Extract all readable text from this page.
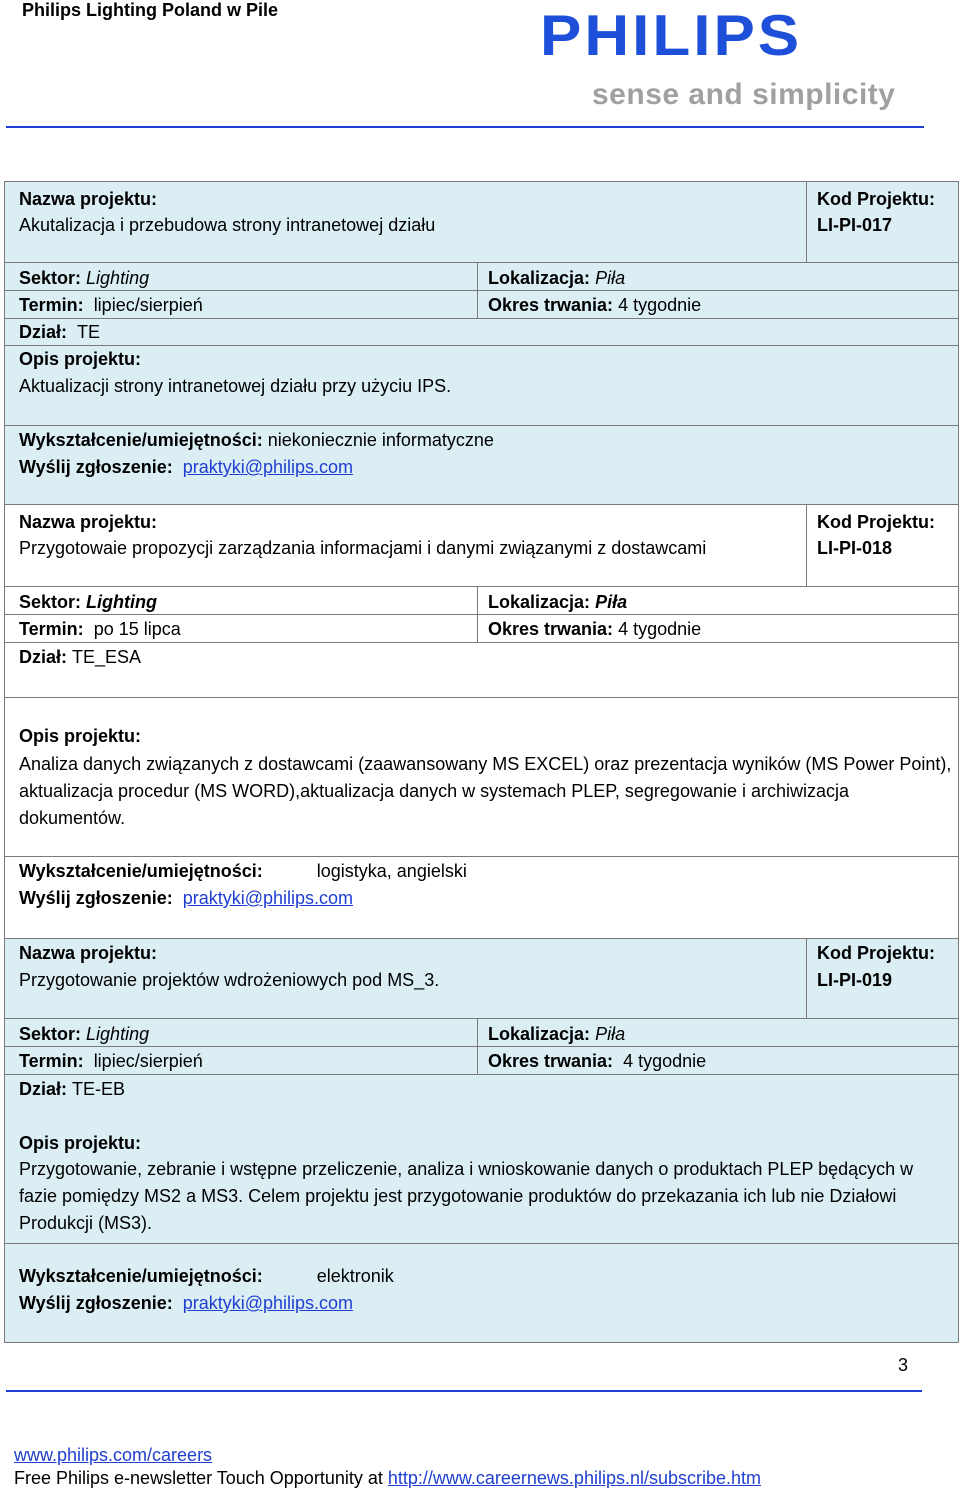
Philips Lighting Poland w Pile	PHILIPS
sense and simplicity
Nazwa projektu:
Akutalizacja i przebudowa strony intranetowej działu
Kod Projektu:
LI-PI-017
Sektor: Lighting	Lokalizacja: Piła
Termin: lipiec/sierpień	Okres trwania: 4 tygodnie
Dział: TE
Opis projektu:
Aktualizacji strony intranetowej działu przy użyciu IPS.
Wykształcenie/umiejętności: niekoniecznie informatyczne
Wyślij zgłoszenie: praktyki@philips.com
Nazwa projektu:
Przygotowaie propozycji zarządzania informacjami i danymi związanymi z dostawcami
Kod Projektu:
LI-PI-018
Sektor: Lighting	Lokalizacja: Piła
Termin: po 15 lipca	Okres trwania: 4 tygodnie
Dział: TE_ESA
Opis projektu:
Analiza danych związanych z dostawcami (zaawansowany MS EXCEL) oraz prezentacja wyników (MS Power Point), aktualizacja procedur (MS WORD),aktualizacja danych w systemach PLEP, segregowanie i archiwizacja dokumentów.
Wykształcenie/umiejętności:	logistyka, angielski
Wyślij zgłoszenie: praktyki@philips.com
Nazwa projektu:
Przygotowanie projektów wdrożeniowych pod MS_3.
Kod Projektu:
LI-PI-019
Sektor: Lighting	Lokalizacja: Piła
Termin: lipiec/sierpień	Okres trwania: 4 tygodnie
Dział: TE-EB
Opis projektu:
Przygotowanie, zebranie i wstępne przeliczenie, analiza i wnioskowanie danych o produktach PLEP będących w fazie pomiędzy MS2 a MS3. Celem projektu jest przygotowanie produktów do przekazania ich lub nie Działowi Produkcji (MS3).
Wykształcenie/umiejętności:	elektronik
Wyślij zgłoszenie: praktyki@philips.com
3
www.philips.com/careers
Free Philips e-newsletter Touch Opportunity at http://www.careernews.philips.nl/subscribe.htm
